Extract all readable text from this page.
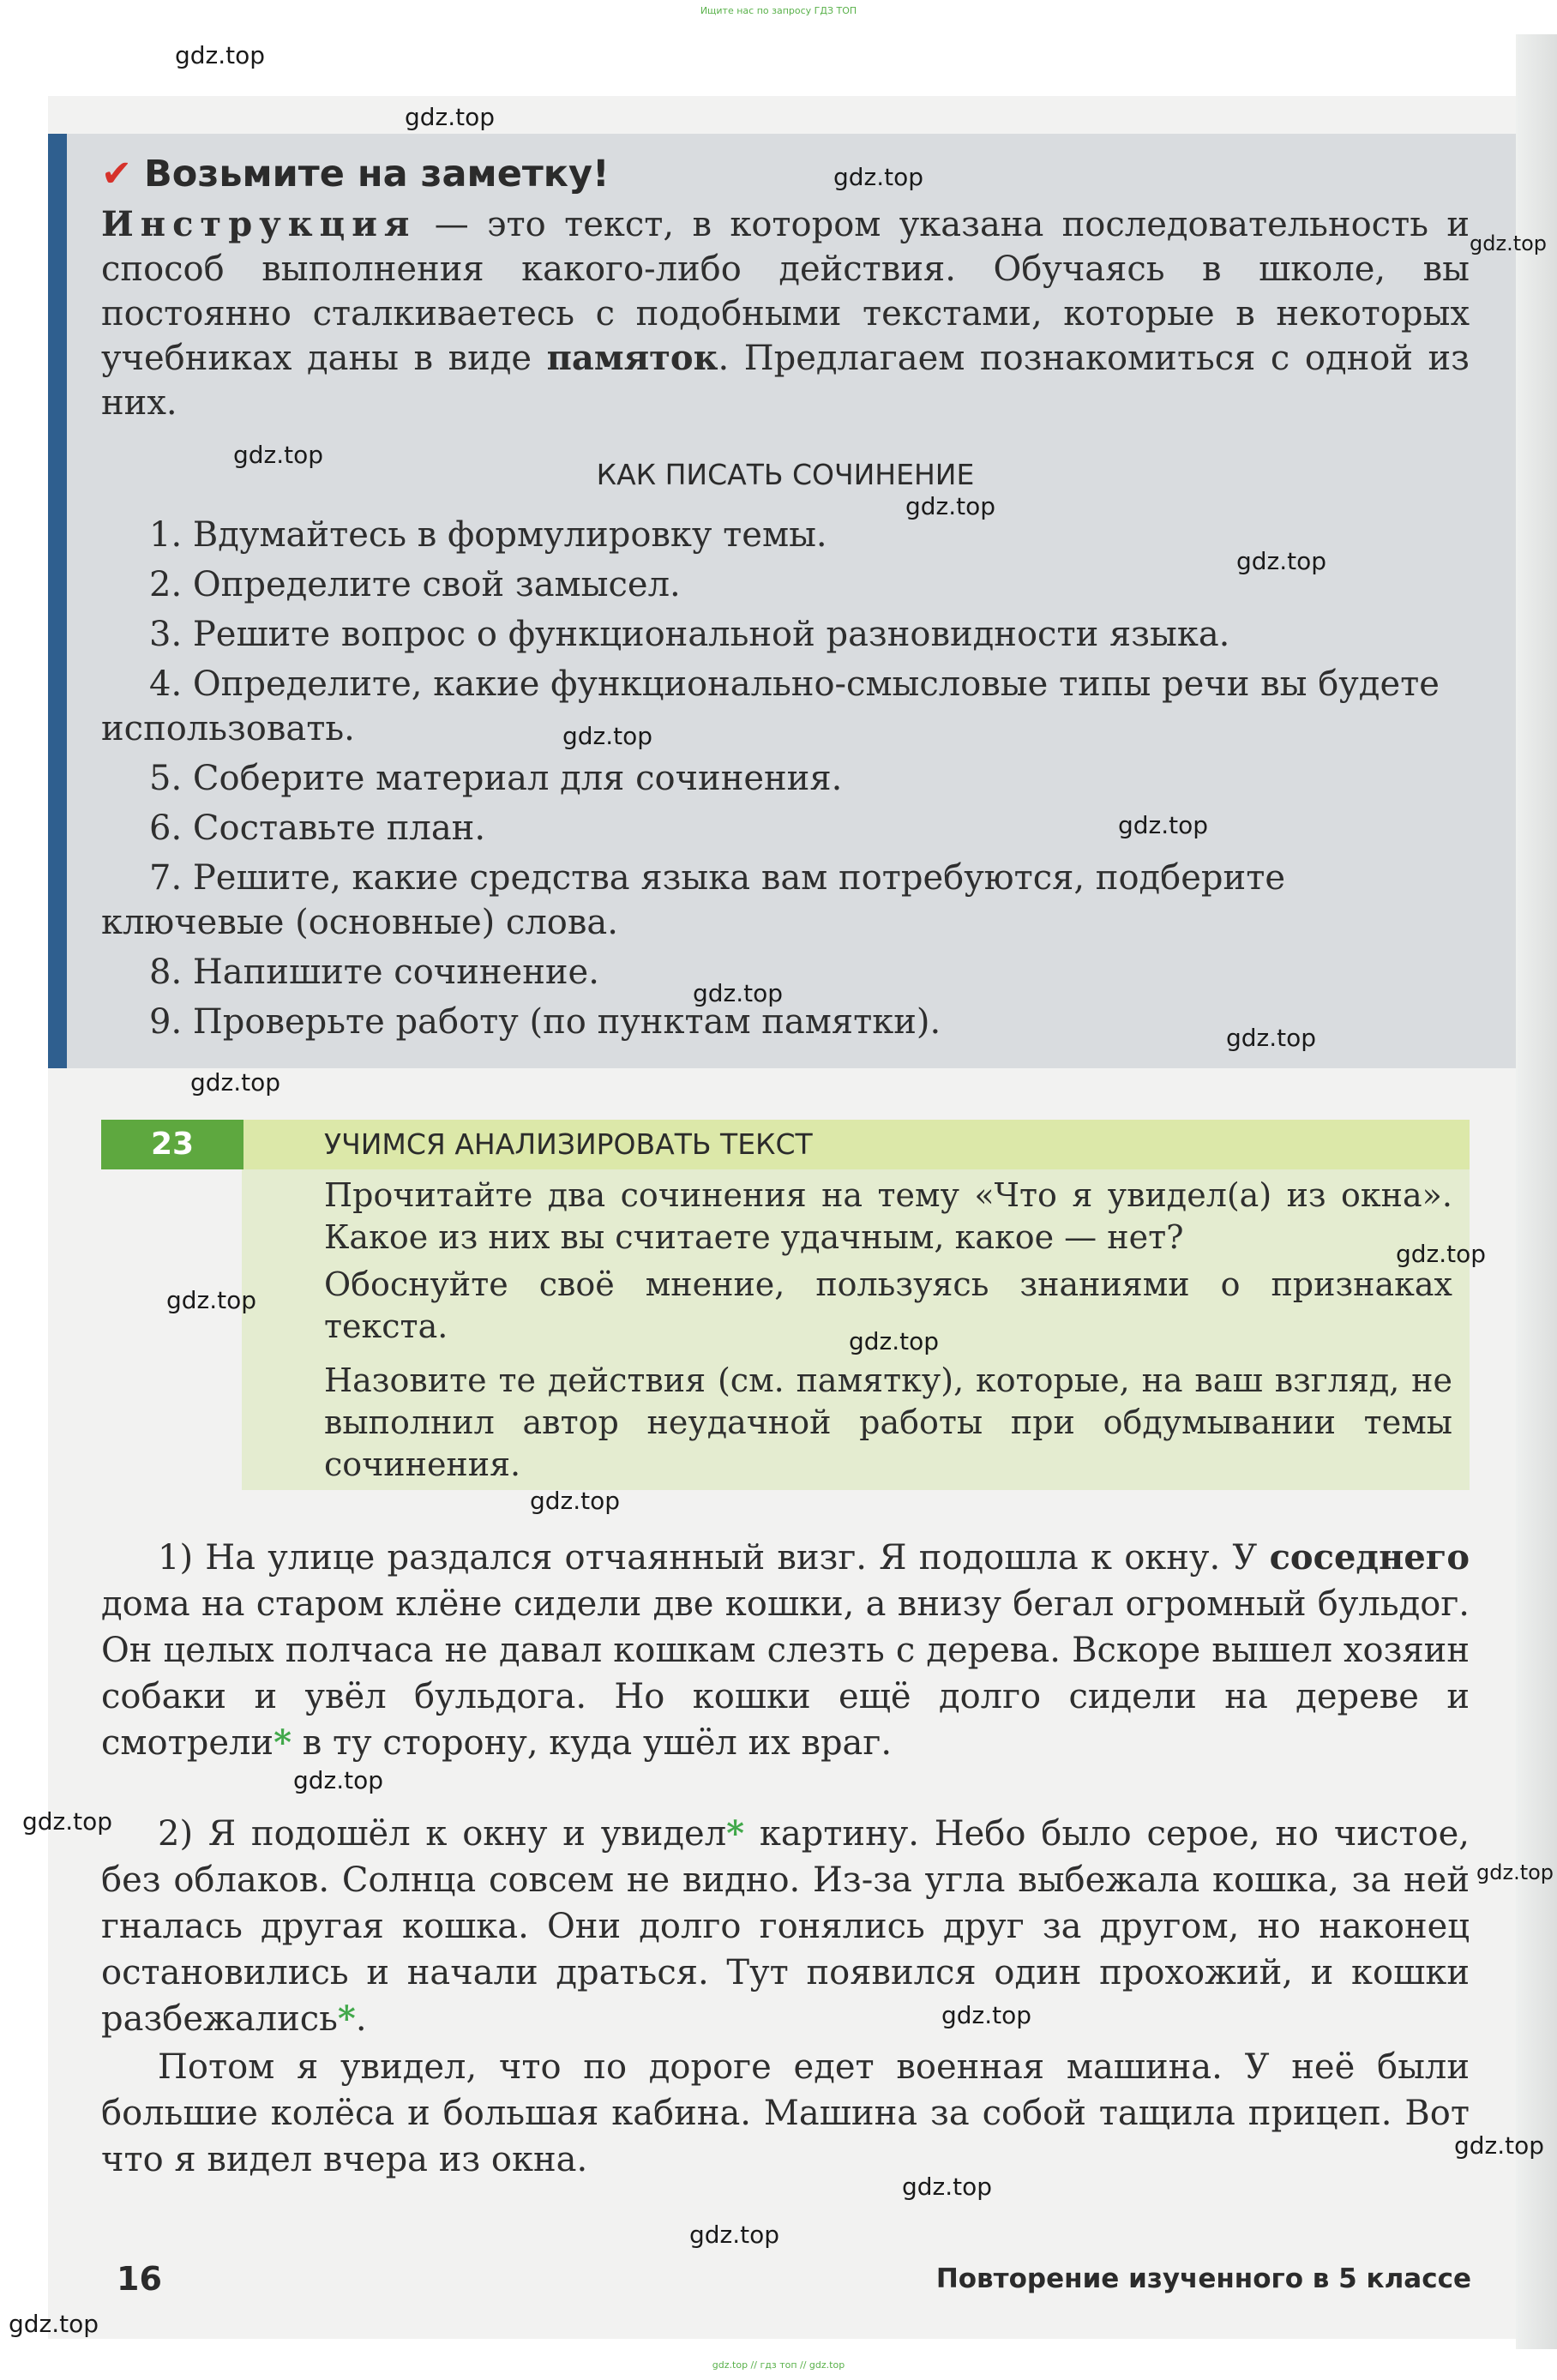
Ищите нас по запросу ГДЗ ТОП
✔ Возьмите на заметку!

Инструкция — это текст, в котором указана последовательность и способ выполнения какого-либо действия. Обучаясь в школе, вы постоянно сталкиваетесь с подобными текстами, которые в некоторых учебниках даны в виде памяток. Предлагаем познакомиться с одной из них.

КАК ПИСАТЬ СОЧИНЕНИЕ
1. Вдумайтесь в формулировку темы.
2. Определите свой замысел.
3. Решите вопрос о функциональной разновидности языка.
4. Определите, какие функционально-смысловые типы речи вы будете использовать.
5. Соберите материал для сочинения.
6. Составьте план.
7. Решите, какие средства языка вам потребуются, подберите ключевые (основные) слова.
8. Напишите сочинение.
9. Проверьте работу (по пунктам памятки).
23	УЧИМСЯ АНАЛИЗИРОВАТЬ ТЕКСТ

Прочитайте два сочинения на тему «Что я увидел(а) из окна». Какое из них вы считаете удачным, какое — нет?

Обоснуйте своё мнение, пользуясь знаниями о признаках текста.

Назовите те действия (см. памятку), которые, на ваш взгляд, не выполнил автор неудачной работы при обдумывании темы сочинения.

1) На улице раздался отчаянный визг. Я подошла к окну. У соседнего дома на старом клёне сидели две кошки, а внизу бегал огромный бульдог. Он целых полчаса не давал кошкам слезть с дерева. Вскоре вышел хозяин собаки и увёл бульдога. Но кошки ещё долго сидели на дереве и смотрели* в ту сторону, куда ушёл их враг.

2) Я подошёл к окну и увидел* картину. Небо было серое, но чистое, без облаков. Солнца совсем не видно. Из-за угла выбежала кошка, за ней гналась другая кошка. Они долго гонялись друг за другом, но наконец остановились и начали драться. Тут появился один прохожий, и кошки разбежались*.

Потом я увидел, что по дороге едет военная машина. У неё были большие колёса и большая кабина. Машина за собой тащила прицеп. Вот что я видел вчера из окна.

16	Повторение изученного в 5 классе
gdz.top // гдз топ // gdz.top
gdz.top
gdz.top
gdz.top
gdz.top
gdz.top
gdz.top
gdz.top
gdz.top
gdz.top
gdz.top
gdz.top
gdz.top
gdz.top
gdz.top
gdz.top
gdz.top
gdz.top
gdz.top
gdz.top
gdz.top
gdz.top
gdz.top
gdz.top
gdz.top
